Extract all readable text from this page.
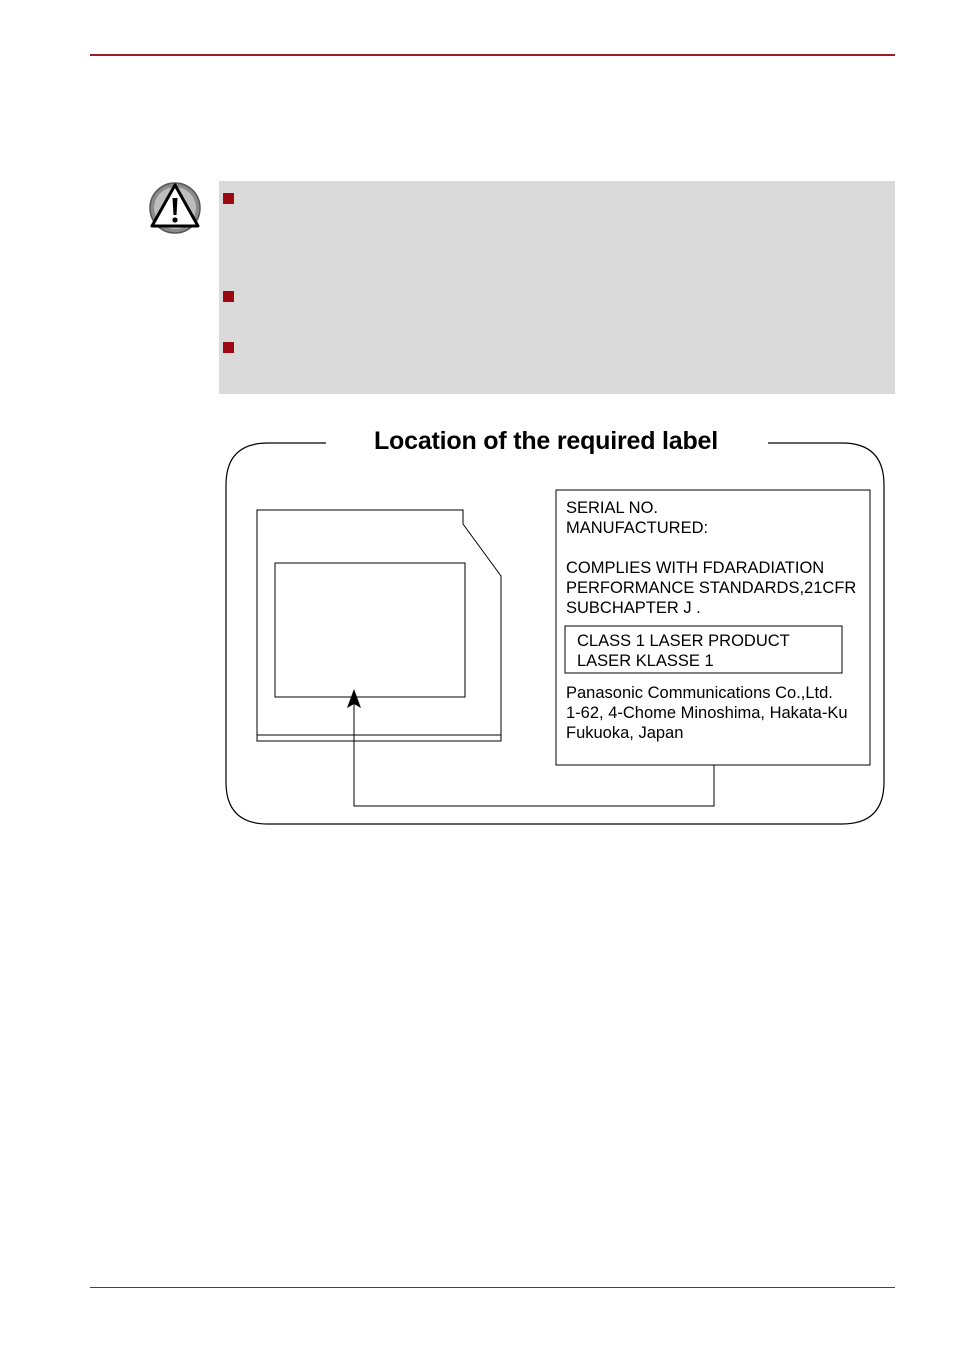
Location of the required label
SERIAL NO.
MANUFACTURED:
COMPLIES WITH FDARADIATION
PERFORMANCE STANDARDS,21CFR
SUBCHAPTER J .
CLASS 1 LASER PRODUCT
LASER KLASSE 1
Panasonic Communications Co.,Ltd.
1-62, 4-Chome Minoshima, Hakata-Ku
Fukuoka, Japan
